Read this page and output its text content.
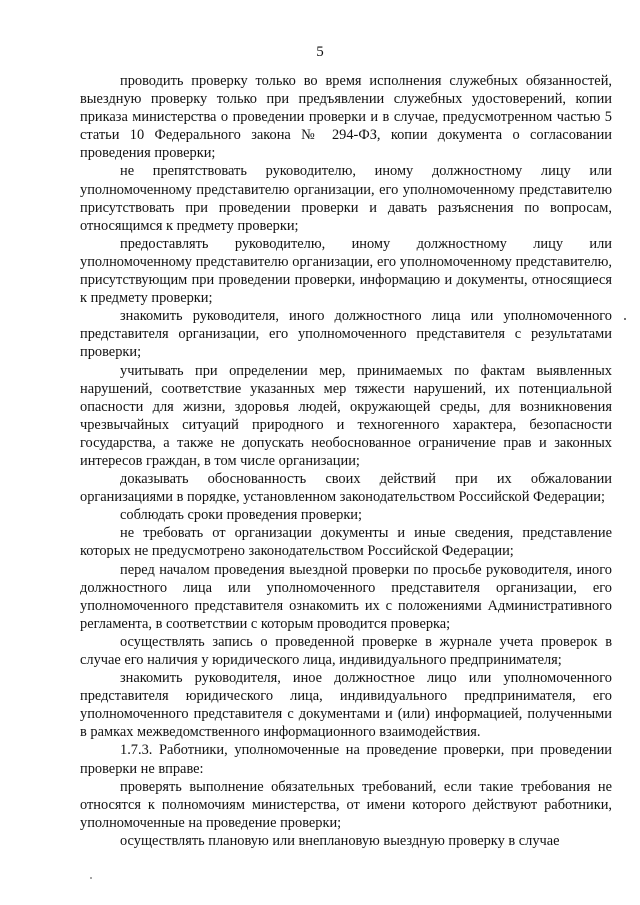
5

проводить проверку только во время исполнения служебных обязанностей, выездную проверку только при предъявлении служебных удостоверений, копии приказа министерства о проведении проверки и в случае, предусмотренном частью 5 статьи 10 Федерального закона № 294-ФЗ, копии документа о согласовании проведения проверки;

не препятствовать руководителю, иному должностному лицу или уполномоченному представителю организации, его уполномоченному представителю присутствовать при проведении проверки и давать разъяснения по вопросам, относящимся к предмету проверки;

предоставлять руководителю, иному должностному лицу или уполномоченному представителю организации, его уполномоченному представителю, присутствующим при проведении проверки, информацию и документы, относящиеся к предмету проверки;

знакомить руководителя, иного должностного лица или уполномоченного представителя организации, его уполномоченного представителя с результатами проверки;

учитывать при определении мер, принимаемых по фактам выявленных нарушений, соответствие указанных мер тяжести нарушений, их потенциальной опасности для жизни, здоровья людей, окружающей среды, для возникновения чрезвычайных ситуаций природного и техногенного характера, безопасности государства, а также не допускать необоснованное ограничение прав и законных интересов граждан, в том числе организации;

доказывать обоснованность своих действий при их обжаловании организациями в порядке, установленном законодательством Российской Федерации;

соблюдать сроки проведения проверки;

не требовать от организации документы и иные сведения, представление которых не предусмотрено законодательством Российской Федерации;

перед началом проведения выездной проверки по просьбе руководителя, иного должностного лица или уполномоченного представителя организации, его уполномоченного представителя ознакомить их с положениями Административного регламента, в соответствии с которым проводится проверка;

осуществлять запись о проведенной проверке в журнале учета проверок в случае его наличия у юридического лица, индивидуального предпринимателя;

знакомить руководителя, иное должностное лицо или уполномоченного представителя юридического лица, индивидуального предпринимателя, его уполномоченного представителя с документами и (или) информацией, полученными в рамках межведомственного информационного взаимодействия.

1.7.3. Работники, уполномоченные на проведение проверки, при проведении проверки не вправе:

проверять выполнение обязательных требований, если такие требования не относятся к полномочиям министерства, от имени которого действуют работники, уполномоченные на проведение проверки;

осуществлять плановую или внеплановую выездную проверку в случае
